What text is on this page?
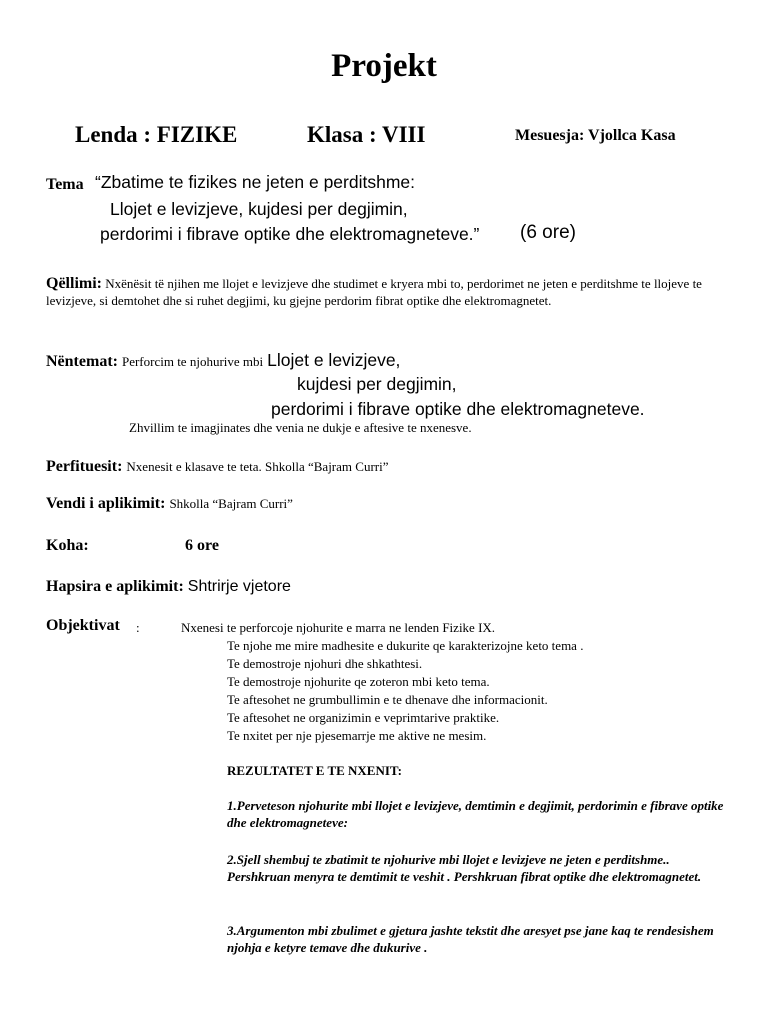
Projekt
Lenda : FIZIKE	Klasa : VIII	Mesuesja: Vjollca Kasa
Tema “Zbatime te fizikes ne jeten e perditshme:
Llojet e levizjeve, kujdesi per degjimin,
perdorimi i fibrave optike dhe elektromagneteve.” (6 ore)
Qëllimi: Nxënësit të njihen me llojet e levizjeve dhe studimet e kryera mbi to, perdorimet ne jeten e perditshme te llojeve te levizjeve, si demtohet dhe si ruhet degjimi, ku gjejne perdorim fibrat optike dhe elektromagnetet.
Nëntemat: Perforcim te njohurive mbi Llojet e levizjeve,
kujdesi per degjimin,
perdorimi i fibrave optike dhe elektromagneteve.
Zhvillim te imagjinates dhe venia ne dukje e aftesive te nxenesve.
Perfituesit: Nxenesit e klasave te teta. Shkolla “Bajram Curri”
Vendi i aplikimit: Shkolla “Bajram Curri”
Koha:	6 ore
Hapsira e aplikimit: Shtrirje vjetore
Objektivat :	Nxenesi te perforcoje njohurite e marra ne lenden Fizike IX.
Te njohe me mire madhesite e dukurite qe karakterizojne keto tema .
Te demostroje njohuri dhe shkathtesi.
Te demostroje njohurite qe zoteron mbi keto tema.
Te aftesohet ne grumbullimin e te dhenave dhe informacionit.
Te aftesohet ne organizimin e veprimtarive praktike.
Te nxitet per nje pjesemarrje me aktive ne mesim.
REZULTATET E TE NXENIT:
1.Perveteson njohurite mbi llojet e levizjeve, demtimin e degjimit, perdorimin e fibrave optike dhe elektromagneteve:
2.Sjell shembuj te zbatimit te njohurive mbi llojet e levizjeve ne jeten e perditshme.. Pershkruan menyra te demtimit te veshit . Pershkruan fibrat optike dhe elektromagnetet.
3.Argumenton mbi zbulimet e gjetura jashte tekstit dhe aresyet pse jane kaq te rendesishem njohja e ketyre temave dhe dukurive .
